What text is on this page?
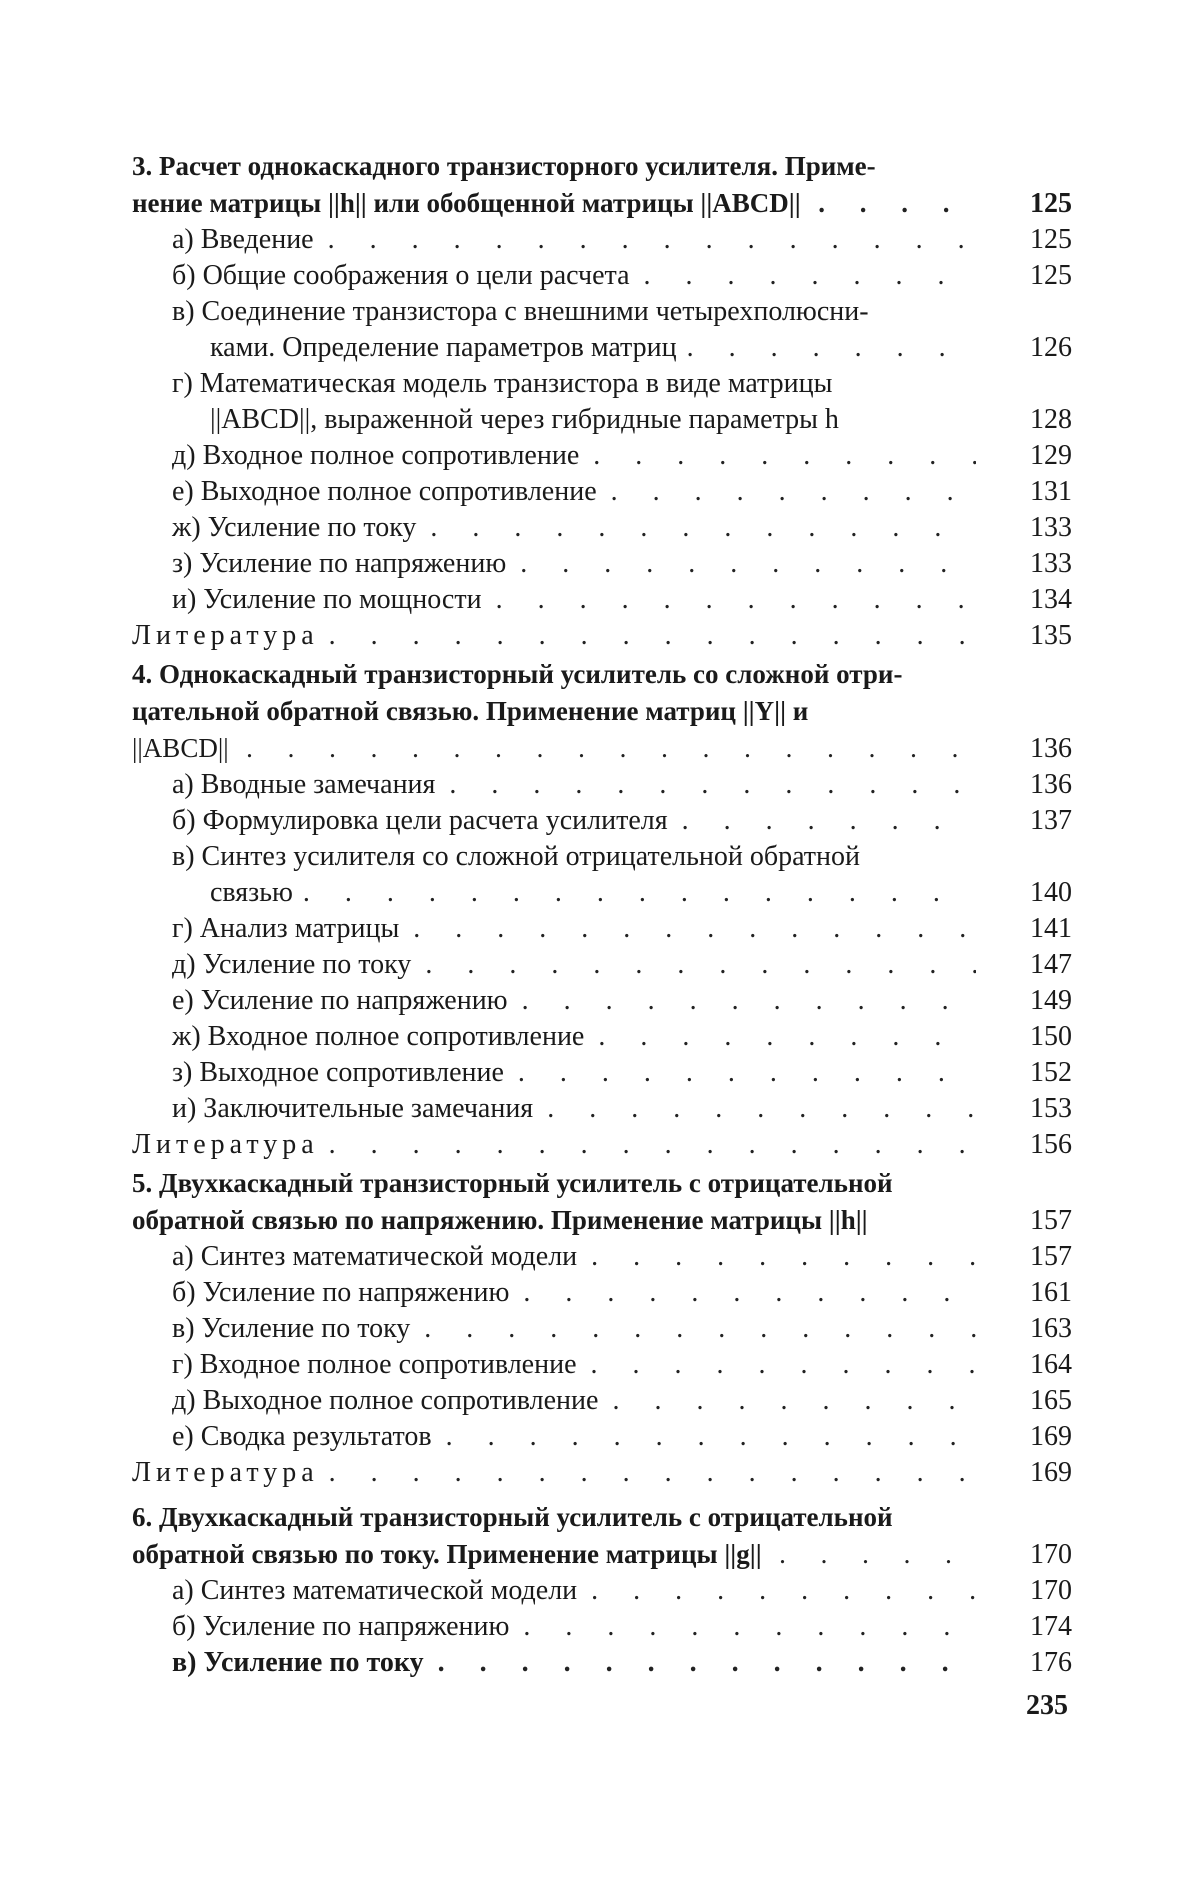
3. Расчет однокаскадного транзисторного усилителя. Приме-
нение матрицы ||h|| или обобщенной матрицы ||ABCD||
. . .	125
а) Введение
. . .	125
б) Общие соображения о цели расчета
. . .	125
в) Соединение транзистора с внешними четырехполюсни-
ками. Определение параметров матриц
. . .	126
г) Математическая модель транзистора в виде матрицы
||ABCD||, выраженной через гибридные параметры h	128
д) Входное полное сопротивление
. . .	129
е) Выходное полное сопротивление
. . .	131
ж) Усиление по току
. . .	133
з) Усиление по напряжению
. . .	133
и) Усиление по мощности
. . .	134
Литература
. . .	135
4. Однокаскадный транзисторный усилитель со сложной отри-
цательной обратной связью. Применение матриц ||Y|| и
||ABCD||
. . .	136
а) Вводные замечания
. . .	136
б) Формулировка цели расчета усилителя
. . .	137
в) Синтез усилителя со сложной отрицательной обратной
связью
. . .	140
г) Анализ матрицы
. . .	141
д) Усиление по току
. . .	147
е) Усиление по напряжению
. . .	149
ж) Входное полное сопротивление
. . .	150
з) Выходное сопротивление
. . .	152
и) Заключительные замечания
. . .	153
Литература
. . .	156
5. Двухкаскадный транзисторный усилитель с отрицательной
обратной связью по напряжению. Применение матрицы ||h||	157
а) Синтез математической модели
. . .	157
б) Усиление по напряжению
. . .	161
в) Усиление по току
. . .	163
г) Входное полное сопротивление
. . .	164
д) Выходное полное сопротивление
. . .	165
е) Сводка результатов
. . .	169
Литература
. . .	169
6. Двухкаскадный транзисторный усилитель с отрицательной
обратной связью по току. Применение матрицы ||g||
. . .	170
а) Синтез математической модели
. . .	170
б) Усиление по напряжению
. . .	174
в) Усиление по току
. . .	176
235
